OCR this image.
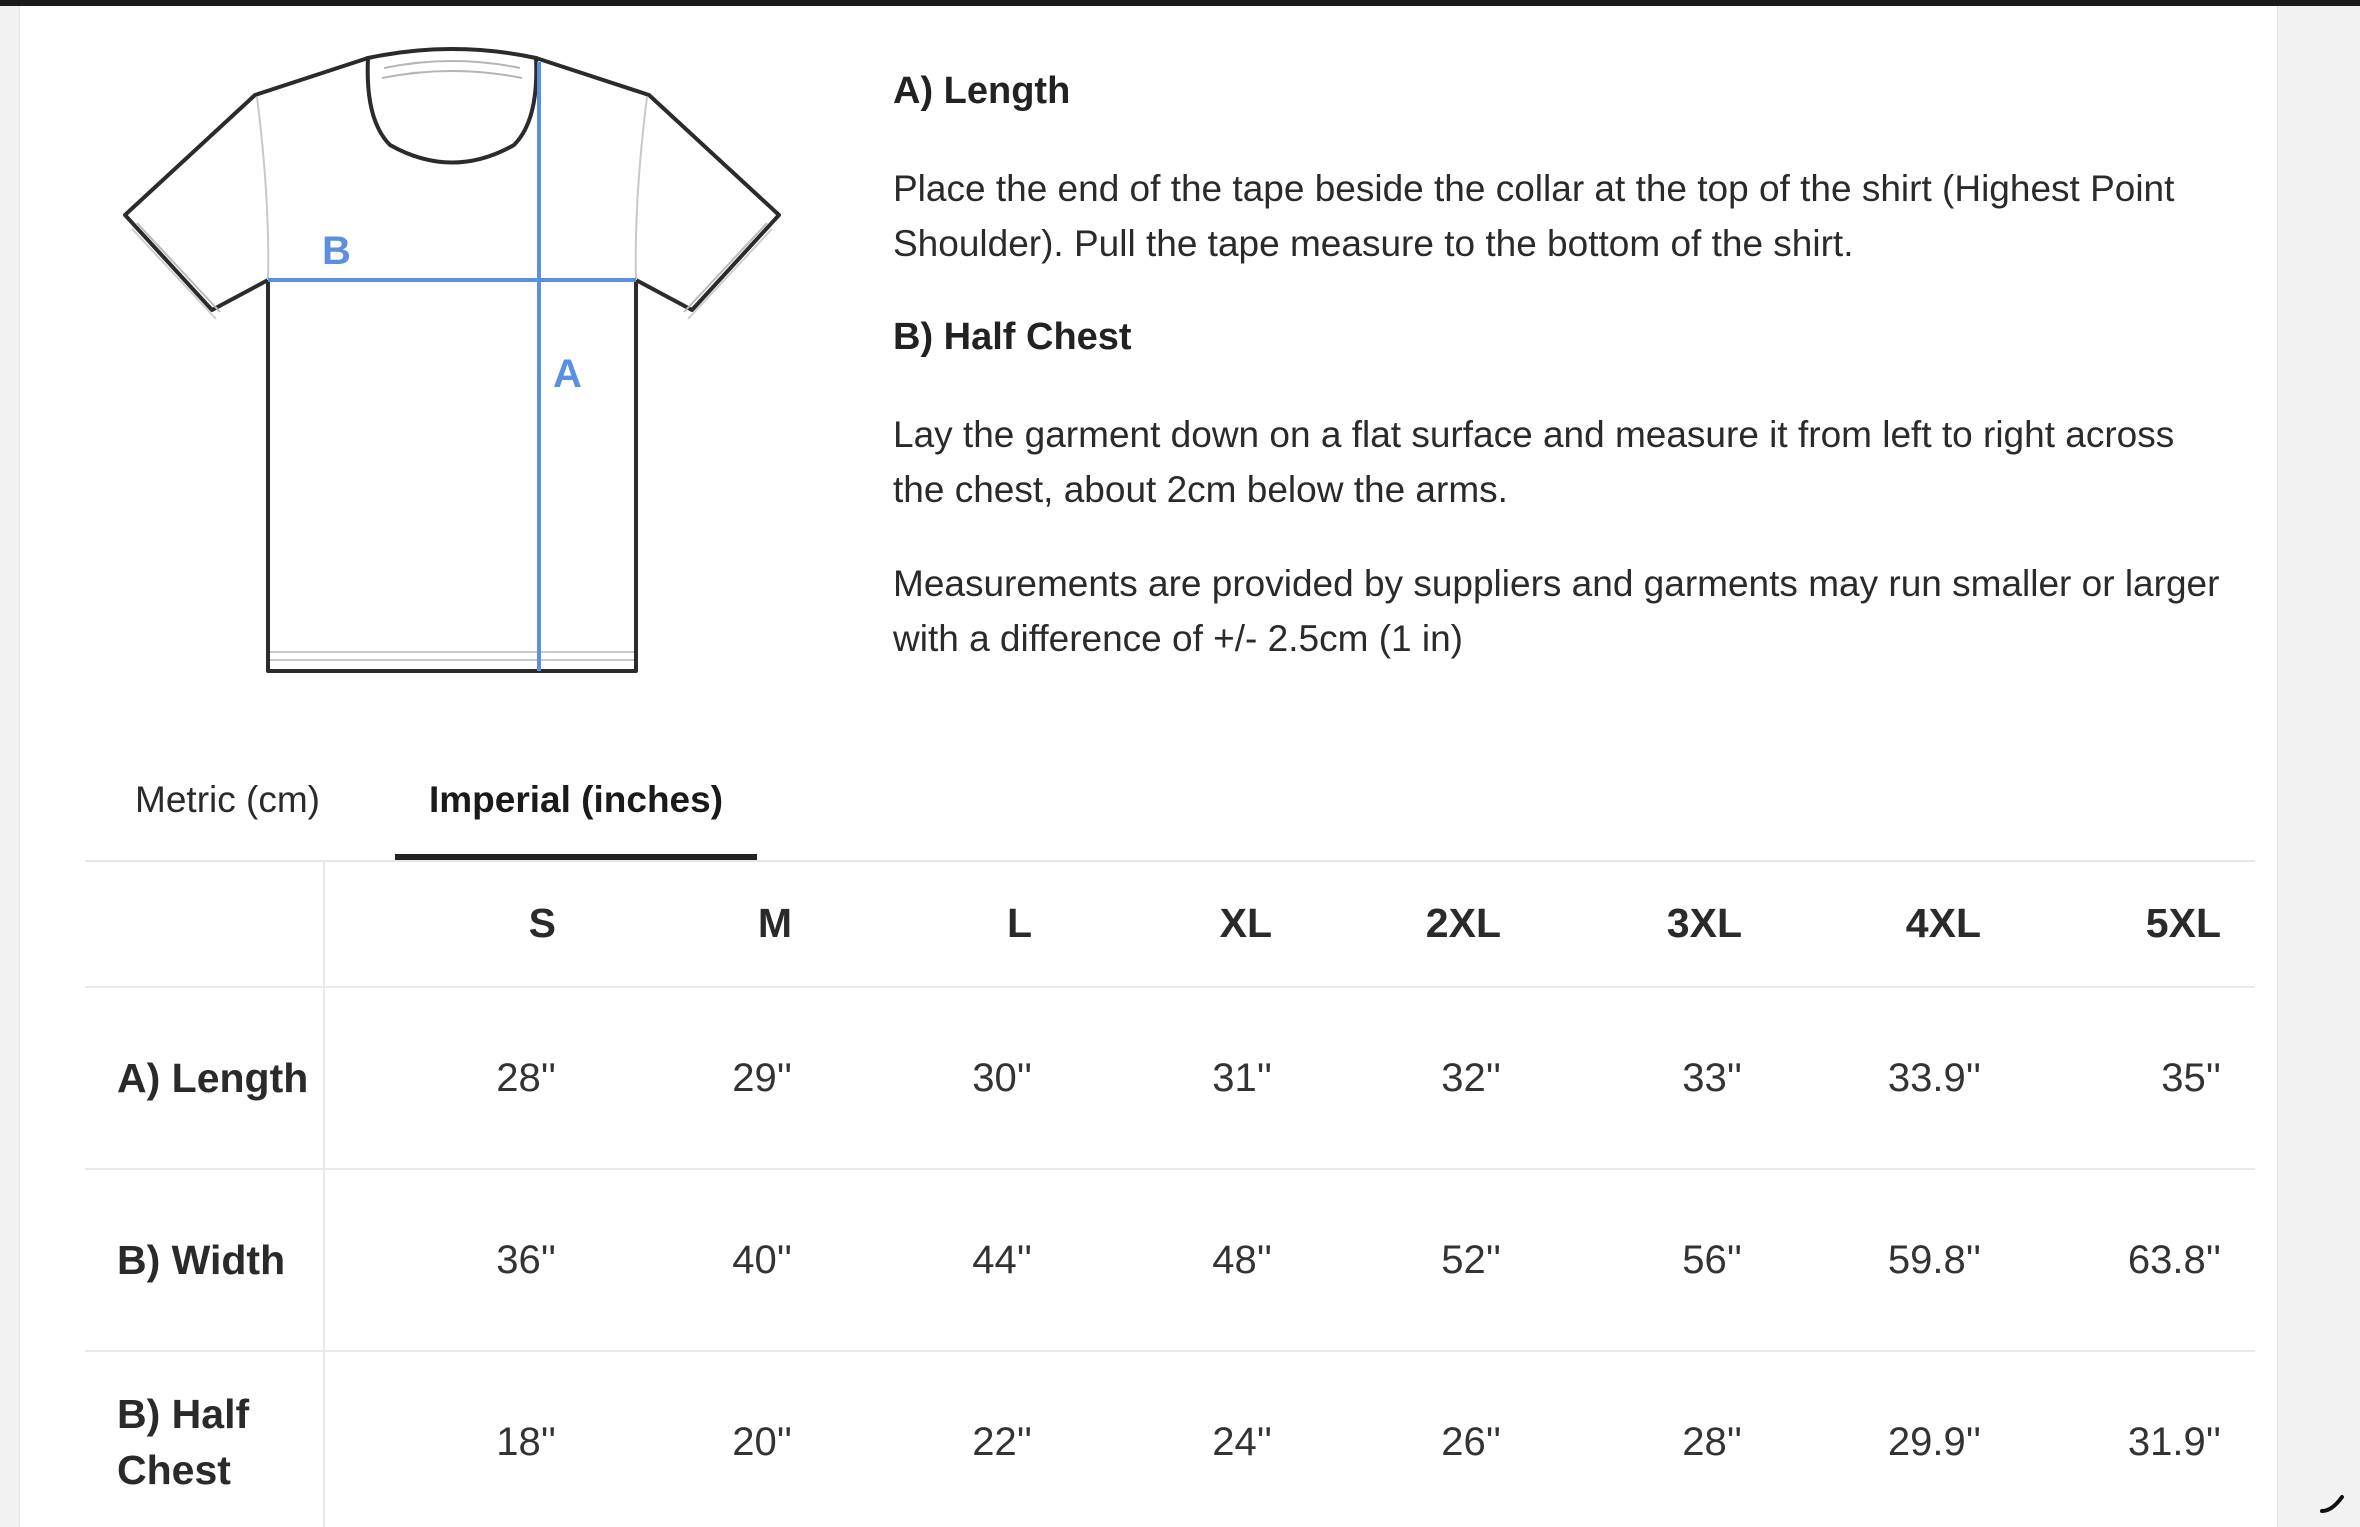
B
A
A) Length

Place the end of the tape beside the collar at the top of the shirt (Highest Point Shoulder). Pull the tape measure to the bottom of the shirt.

B) Half Chest

Lay the garment down on a flat surface and measure it from left to right across the chest, about 2cm below the arms.

Measurements are provided by suppliers and garments may run smaller or larger with a difference of +/- 2.5cm (1 in)

Metric (cm)	Imperial (inches)
	S	M	L	XL	2XL	3XL	4XL	5XL
A) Length	28''	29''	30''	31''	32''	33''	33.9''	35''
B) Width	36''	40''	44''	48''	52''	56''	59.8''	63.8''
B) Half Chest	18''	20''	22''	24''	26''	28''	29.9''	31.9''
